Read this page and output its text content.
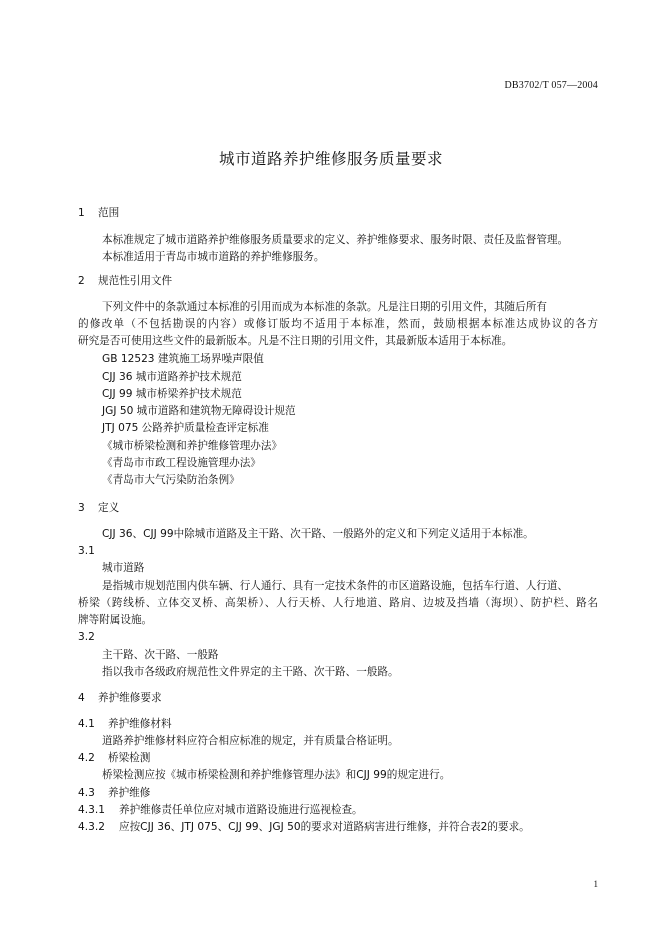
DB3702/T 057—2004
城市道路养护维修服务质量要求
1 范围
本标准规定了城市道路养护维修服务质量要求的定义、养护维修要求、服务时限、责任及监督管理。
本标准适用于青岛市城市道路的养护维修服务。
2 规范性引用文件
下列文件中的条款通过本标准的引用而成为本标准的条款。凡是注日期的引用文件，其随后所有
的修改单（不包括勘误的内容）或修订版均不适用于本标准，然而，鼓励根据本标准达成协议的各方
研究是否可使用这些文件的最新版本。凡是不注日期的引用文件，其最新版本适用于本标准。
GB 12523 建筑施工场界噪声限值
CJJ 36 城市道路养护技术规范
CJJ 99 城市桥梁养护技术规范
JGJ 50 城市道路和建筑物无障碍设计规范
JTJ 075 公路养护质量检查评定标准
《城市桥梁检测和养护维修管理办法》
《青岛市市政工程设施管理办法》
《青岛市大气污染防治条例》
3 定义
CJJ 36、CJJ 99中除城市道路及主干路、次干路、一般路外的定义和下列定义适用于本标准。
3.1
城市道路
是指城市规划范围内供车辆、行人通行、具有一定技术条件的市区道路设施，包括车行道、人行道、
桥梁（跨线桥、立体交叉桥、高架桥）、人行天桥、人行地道、路肩、边坡及挡墙（海坝）、防护栏、路名
牌等附属设施。
3.2
主干路、次干路、一般路
指以我市各级政府规范性文件界定的主干路、次干路、一般路。
4 养护维修要求
4.1 养护维修材料
道路养护维修材料应符合相应标准的规定，并有质量合格证明。
4.2 桥梁检测
桥梁检测应按《城市桥梁检测和养护维修管理办法》和CJJ 99的规定进行。
4.3 养护维修
4.3.1 养护维修责任单位应对城市道路设施进行巡视检查。
4.3.2 应按CJJ 36、JTJ 075、CJJ 99、JGJ 50的要求对道路病害进行维修，并符合表2的要求。
1
